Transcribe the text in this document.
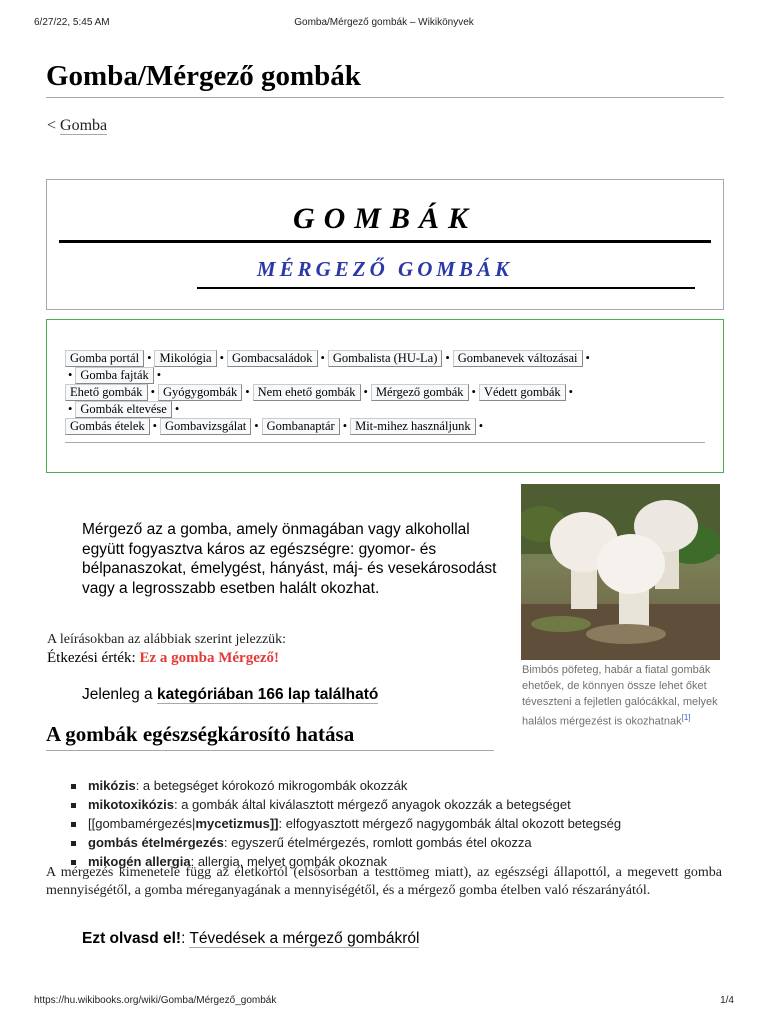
6/27/22, 5:45 AM	Gomba/Mérgező gombák – Wikikönyvek
Gomba/Mérgező gombák
< Gomba
GOMBÁK
MÉRGEZŐ GOMBÁK
Gomba portál • Mikológia • Gombacsaládok • Gombalista (HU-La) • Gombanevek változásai •
• Gomba fajták •
Ehető gombák • Gyógygombák • Nem ehető gombák • Mérgező gombák • Védett gombák •
• Gombák eltevése •
Gombás ételek • Gombavizsgálat • Gombanaptár • Mit-mihez használjunk •
Mérgező az a gomba, amely önmagában vagy alkohollal együtt fogyasztva káros az egészségre: gyomor- és bélpanaszokat, émelygést, hányást, máj- és vesekárosodást vagy a legrosszabb esetben halált okozhat.
A leírásokban az alábbiak szerint jelezzük:
Étkezési érték: Ez a gomba Mérgező!
Jelenleg a kategóriában 166 lap található
Bimbós pöfeteg, habár a fiatal gombák ehetőek, de könnyen össze lehet őket téveszteni a fejletlen galócákkal, melyek halálos mérgezést is okozhatnak[1]
A gombák egészségkárosító hatása
mikózis: a betegséget kórokozó mikrogombák okozzák
mikotoxikózis: a gombák által kiválasztott mérgező anyagok okozzák a betegséget
[[gombamérgezés|mycetizmus]]: elfogyasztott mérgező nagygombák által okozott betegség
gombás ételmérgezés: egyszerű ételmérgezés, romlott gombás étel okozza
mikogén allergia: allergia, melyet gombák okoznak

A mérgezés kimenetele függ az életkortól (elsősorban a testtömeg miatt), az egészségi állapottól, a megevett gomba mennyiségétől, a gomba méreganyagának a mennyiségétől, és a mérgező gomba ételben való részarányától.

Ezt olvasd el!: Tévedések a mérgező gombákról
https://hu.wikibooks.org/wiki/Gomba/Mérgező_gombák	1/4
